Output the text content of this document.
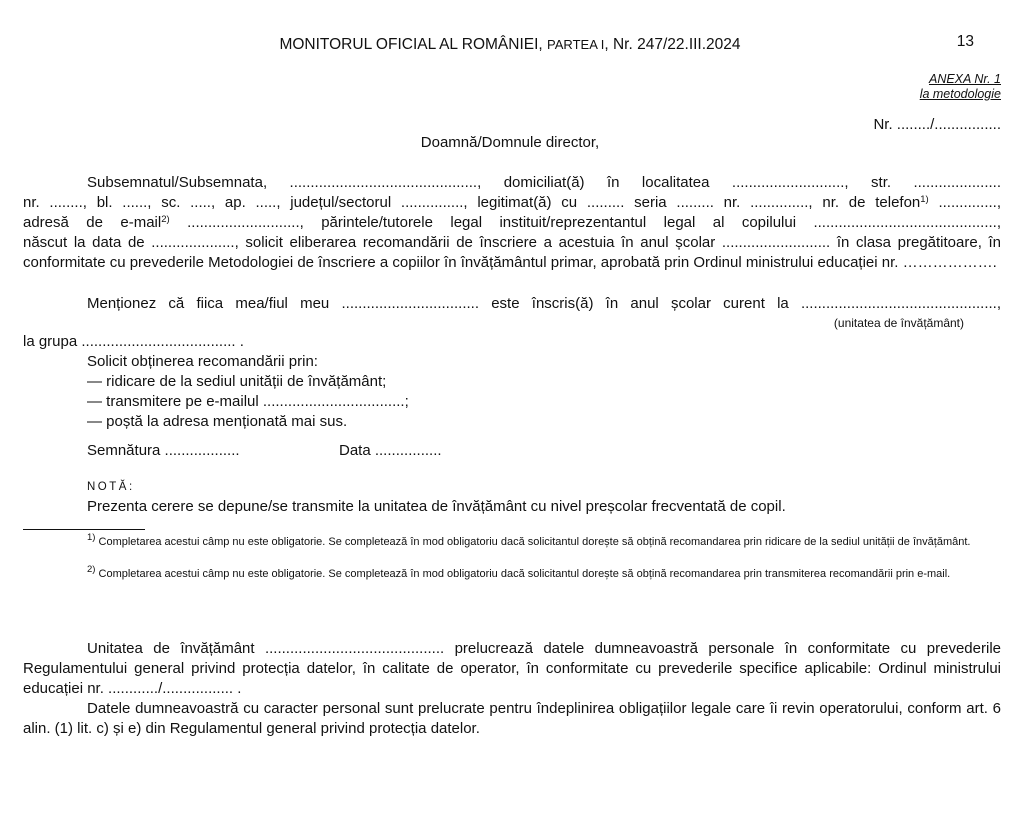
MONITORUL OFICIAL AL ROMÂNIEI, PARTEA I, Nr. 247/22.III.2024	13
ANEXA Nr. 1
la metodologie
Nr. ......../................
Doamnă/Domnule director,
Subsemnatul/Subsemnata, ............................................., domiciliat(ă) în localitatea ..........................., str. .....................
nr. ........, bl. ......, sc. ....., ap. ....., județul/sectorul ..............., legitimat(ă) cu ......... seria ......... nr. .............., nr. de telefon$^{1)}$ ..............,
adresă de e-mail$^{2)}$ ..........................., părintele/tutorele legal instituit/reprezentantul legal al copilului ............................................,
născut la data de ...................., solicit eliberarea recomandării de înscriere a acestuia în anul școlar .......................... în clasa pregătitoare, în conformitate cu prevederile Metodologiei de înscriere a copiilor în învățământul primar, aprobată prin Ordinul ministrului educației nr. ……………….
Menționez că fiica mea/fiul meu ................................. este înscris(ă) în anul școlar curent la ...............................................,
(unitatea de învățământ)
la grupa ..................................... .
Solicit obținerea recomandării prin:
— ridicare de la sediul unității de învățământ;
— transmitere pe e-mailul ..................................;
— poștă la adresa menționată mai sus.
Semnătura ..................	Data ................
NOTĂ:
Prezenta cerere se depune/se transmite la unitatea de învățământ cu nivel preșcolar frecventată de copil.
$^{1)}$ Completarea acestui câmp nu este obligatorie. Se completează în mod obligatoriu dacă solicitantul dorește să obțină recomandarea prin ridicare de la sediul unității de învățământ.
$^{2)}$ Completarea acestui câmp nu este obligatorie. Se completează în mod obligatoriu dacă solicitantul dorește să obțină recomandarea prin transmiterea recomandării prin e-mail.
Unitatea de învățământ ........................................... prelucrează datele dumneavoastră personale în conformitate cu prevederile Regulamentului general privind protecția datelor, în calitate de operator, în conformitate cu prevederile specifice aplicabile: Ordinul ministrului educației nr. ............/................. .
Datele dumneavoastră cu caracter personal sunt prelucrate pentru îndeplinirea obligațiilor legale care îi revin operatorului, conform art. 6 alin. (1) lit. c) și e) din Regulamentul general privind protecția datelor.
